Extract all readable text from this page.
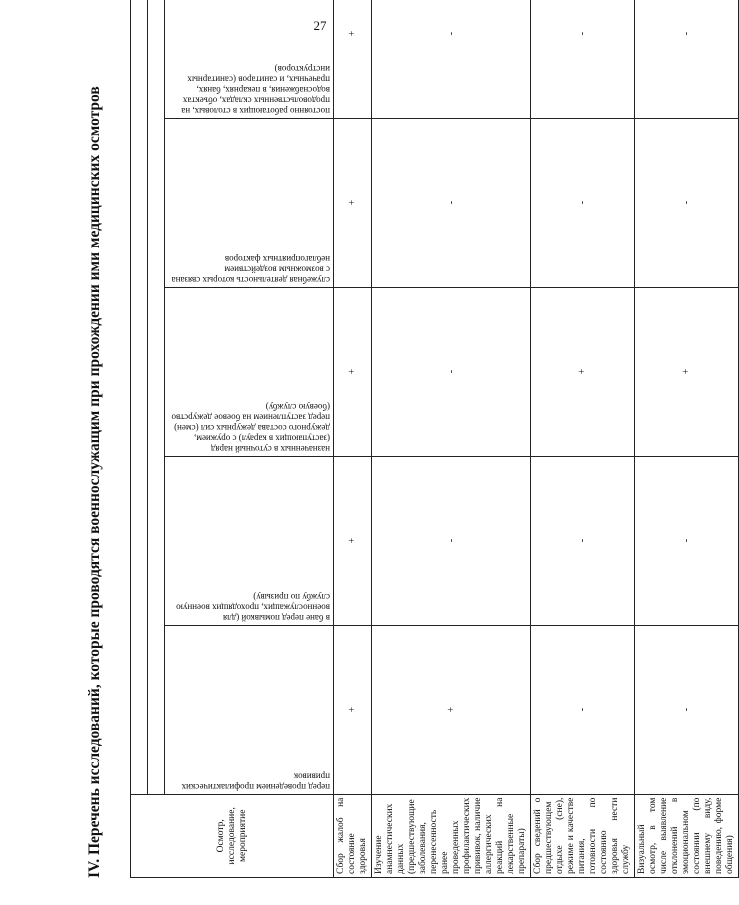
27
IV. Перечень исследований, которые проводятся военнослужащим при прохождении ими медицинских осмотров	Осмотр, исследование, мероприятие	

	перед проведением профилактических прививок	в бане перед помывкой (для военнослужащих, проходящих военную службу по призыву)	назначенных в суточный наряд (заступающих в караул) с оружием, дежурного состава дежурных сил (смен) перед заступлением на боевое дежурство (боевую службу)	служебная деятельность которых связана с возможным воздействием неблагоприятных факторов	постоянно работающих в столовых, на продовольственных складах, объектах водоснабжения, в пекарнях, банях, прачечных, и санитаров (санитарных инструкторов)

Сбор жалоб на состояние здоровья	+	+	+	+	+							
Изучение анамнестических данных (предшествующие заболевания, перенесенность ранее проведенных профилактических прививок, наличие аллергических реакций на лекарственные препараты)	+	-	-	-	-							
Сбор сведений о предшествующем отдыхе (сне), режиме и качестве питания, готовности по состоянию здоровья нести службу	-	-	+	-	-							
Визуальный осмотр, в том числе выявление отклонений в эмоциональном состоянии (по внешнему виду, поведению, форме общения)	-	-	+	-	-							
